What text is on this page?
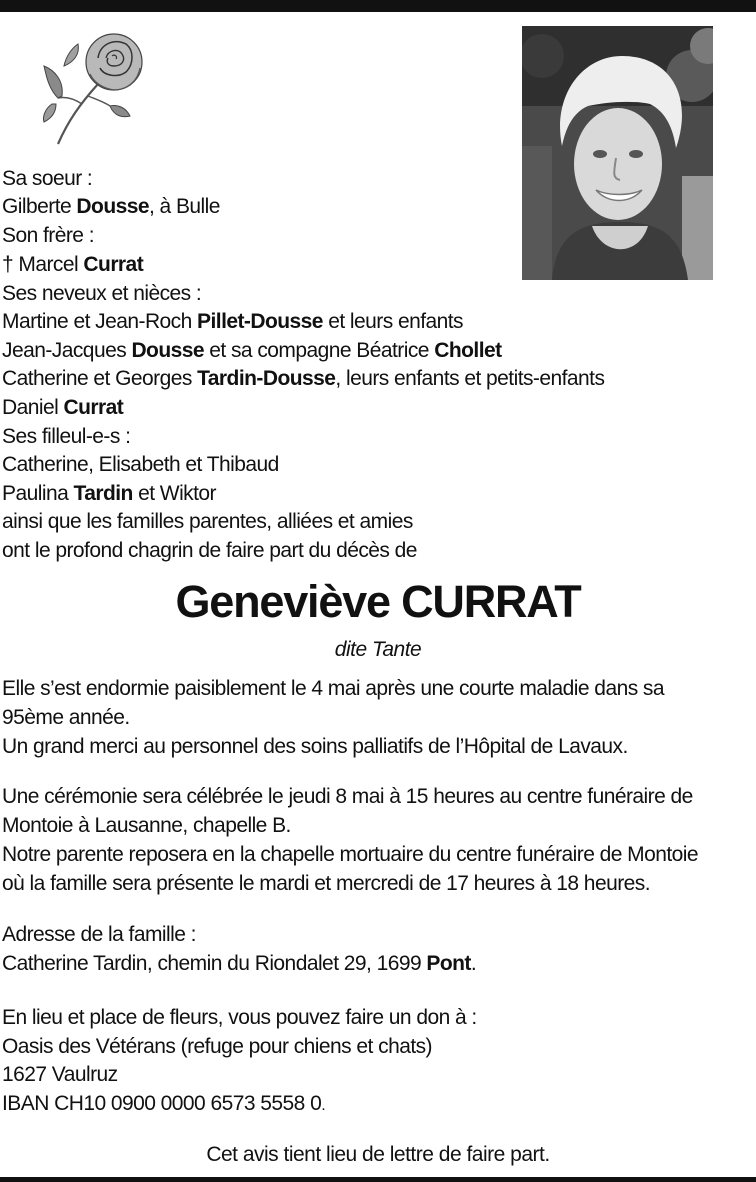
Sa soeur :
Gilberte Dousse, à Bulle
Son frère :
† Marcel Currat
Ses neveux et nièces :
Martine et Jean-Roch Pillet-Dousse et leurs enfants
Jean-Jacques Dousse et sa compagne Béatrice Chollet
Catherine et Georges Tardin-Dousse, leurs enfants et petits-enfants
Daniel Currat
Ses filleul-e-s :
Catherine, Elisabeth et Thibaud
Paulina Tardin et Wiktor
ainsi que les familles parentes, alliées et amies
ont le profond chagrin de faire part du décès de
Geneviève CURRAT
dite Tante
Elle s’est endormie paisiblement le 4 mai après une courte maladie dans sa
95ème année.
Un grand merci au personnel des soins palliatifs de l’Hôpital de Lavaux.
Une cérémonie sera célébrée le jeudi 8 mai à 15 heures au centre funéraire de
Montoie à Lausanne, chapelle B.
Notre parente reposera en la chapelle mortuaire du centre funéraire de Montoie
où la famille sera présente le mardi et mercredi de 17 heures à 18 heures.
Adresse de la famille :
Catherine Tardin, chemin du Riondalet 29, 1699 Pont.
En lieu et place de fleurs, vous pouvez faire un don à :
Oasis des Vétérans (refuge pour chiens et chats)
1627 Vaulruz
IBAN CH10 0900 0000 6573 5558 0.
Cet avis tient lieu de lettre de faire part.
